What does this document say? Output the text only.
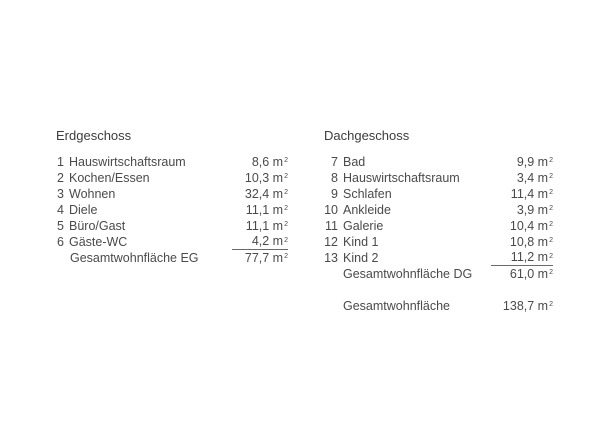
Erdgeschoss
1 Hauswirtschaftsraum	8,6 $m^2$
2 Kochen/Essen	10,3 $m^2$
3 Wohnen	32,4 $m^2$
4 Diele	11,1 $m^2$
5 Büro/Gast	11,1 $m^2$
6 Gäste-WC	4,2 $m^2$
Gesamtwohnfläche EG	77,7 $m^2$
Dachgeschoss
7 Bad	9,9 $m^2$
8 Hauswirtschaftsraum	3,4 $m^2$
9 Schlafen	11,4 $m^2$
10 Ankleide	3,9 $m^2$
11 Galerie	10,4 $m^2$
12 Kind 1	10,8 $m^2$
13 Kind 2	11,2 $m^2$
Gesamtwohnfläche DG	61,0 $m^2$
Gesamtwohnfläche	138,7 $m^2$
